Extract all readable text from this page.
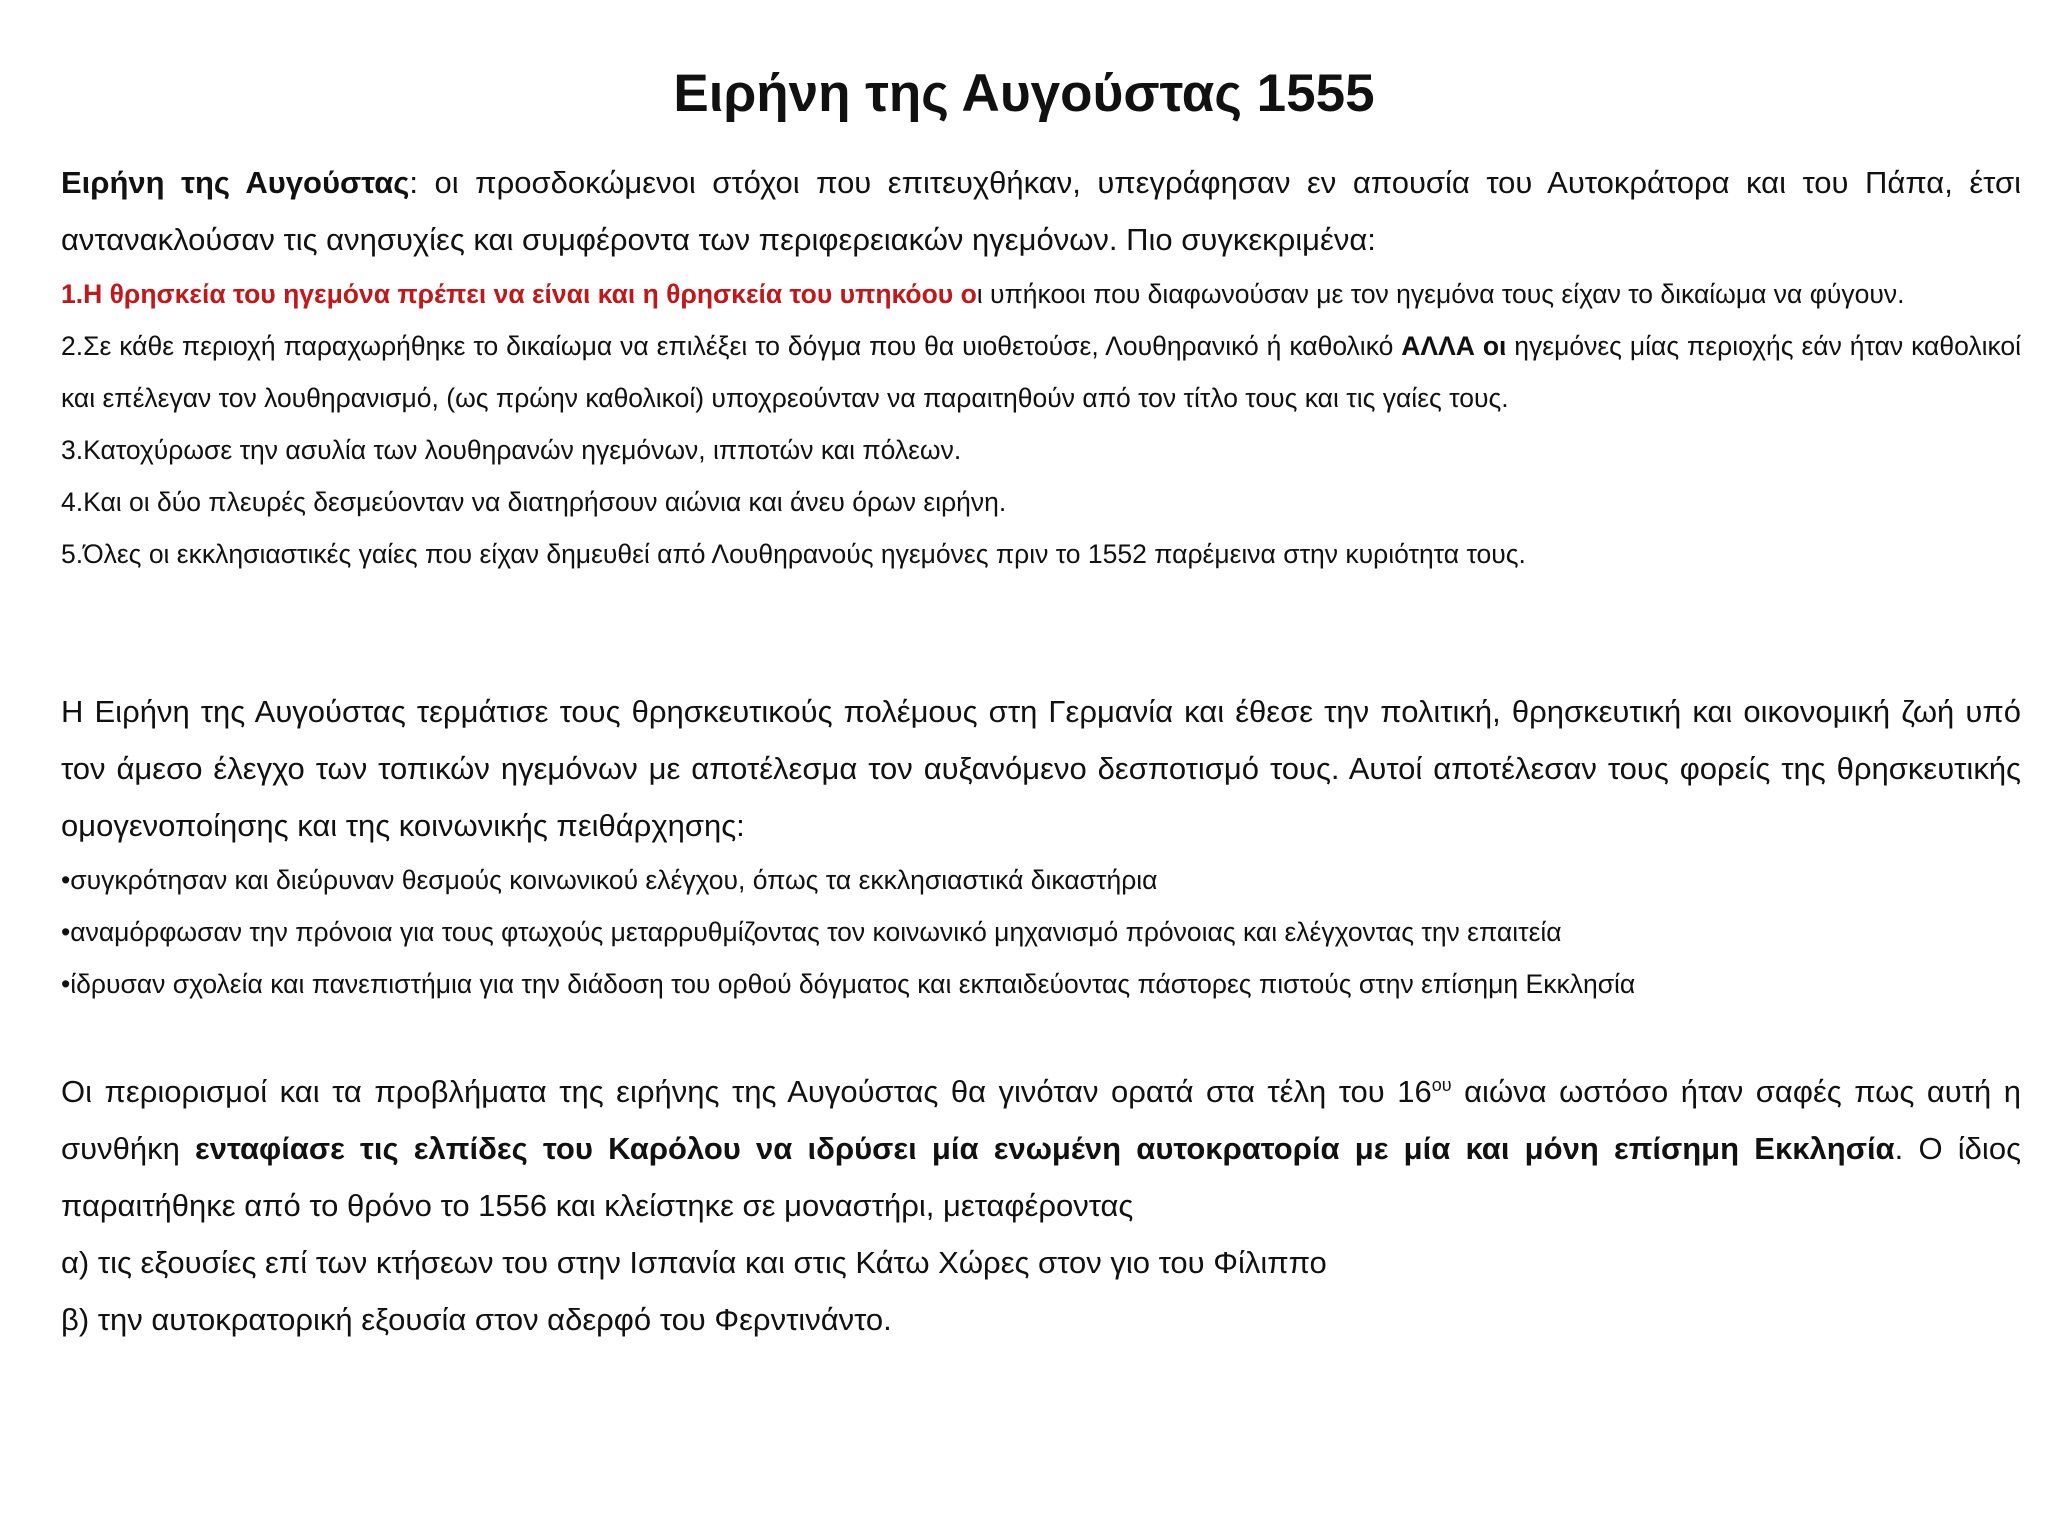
Ειρήνη της Αυγούστας 1555

Ειρήνη της Αυγούστας: οι προσδοκώμενοι στόχοι που επιτευχθήκαν, υπεγράφησαν εν απουσία του Αυτοκράτορα και του Πάπα, έτσι αντανακλούσαν τις ανησυχίες και συμφέροντα των περιφερειακών ηγεμόνων. Πιο συγκεκριμένα:

1.Η θρησκεία του ηγεμόνα πρέπει να είναι και η θρησκεία του υπηκόου οι υπήκοοι που διαφωνούσαν με τον ηγεμόνα τους είχαν το δικαίωμα να φύγουν.

2.Σε κάθε περιοχή παραχωρήθηκε το δικαίωμα να επιλέξει το δόγμα που θα υιοθετούσε, Λουθηρανικό ή καθολικό ΑΛΛΑ οι ηγεμόνες μίας περιοχής εάν ήταν καθολικοί και επέλεγαν τον λουθηρανισμό, (ως πρώην καθολικοί) υποχρεούνταν να παραιτηθούν από τον τίτλο τους και τις γαίες τους.

3.Κατοχύρωσε την ασυλία των λουθηρανών ηγεμόνων, ιπποτών και πόλεων.

4.Και οι δύο πλευρές δεσμεύονταν να διατηρήσουν αιώνια και άνευ όρων ειρήνη.

5.Όλες οι εκκλησιαστικές γαίες που είχαν δημευθεί από Λουθηρανούς ηγεμόνες πριν το 1552 παρέμεινα στην κυριότητα τους.

Η Ειρήνη της Αυγούστας τερμάτισε τους θρησκευτικούς πολέμους στη Γερμανία και έθεσε την πολιτική, θρησκευτική και οικονομική ζωή υπό τον άμεσο έλεγχο των τοπικών ηγεμόνων με αποτέλεσμα τον αυξανόμενο δεσποτισμό τους. Αυτοί αποτέλεσαν τους φορείς της θρησκευτικής ομογενοποίησης και της κοινωνικής πειθάρχησης:

•συγκρότησαν και διεύρυναν θεσμούς κοινωνικού ελέγχου, όπως τα εκκλησιαστικά δικαστήρια

•αναμόρφωσαν την πρόνοια για τους φτωχούς μεταρρυθμίζοντας τον κοινωνικό μηχανισμό πρόνοιας και ελέγχοντας την επαιτεία

•ίδρυσαν σχολεία και πανεπιστήμια για την διάδοση του ορθού δόγματος και εκπαιδεύοντας πάστορες πιστούς στην επίσημη Εκκλησία

Οι περιορισμοί και τα προβλήματα της ειρήνης της Αυγούστας θα γινόταν ορατά στα τέλη του $16^{o\upsilon}$ αιώνα ωστόσο ήταν σαφές πως αυτή η συνθήκη ενταφίασε τις ελπίδες του Καρόλου να ιδρύσει μία ενωμένη αυτοκρατορία με μία και μόνη επίσημη Εκκλησία. Ο ίδιος παραιτήθηκε από το θρόνο το 1556 και κλείστηκε σε μοναστήρι, μεταφέροντας

α) τις εξουσίες επί των κτήσεων του στην Ισπανία και στις Κάτω Χώρες στον γιο του Φίλιππο

β) την αυτοκρατορική εξουσία στον αδερφό του Φερντινάντο.
